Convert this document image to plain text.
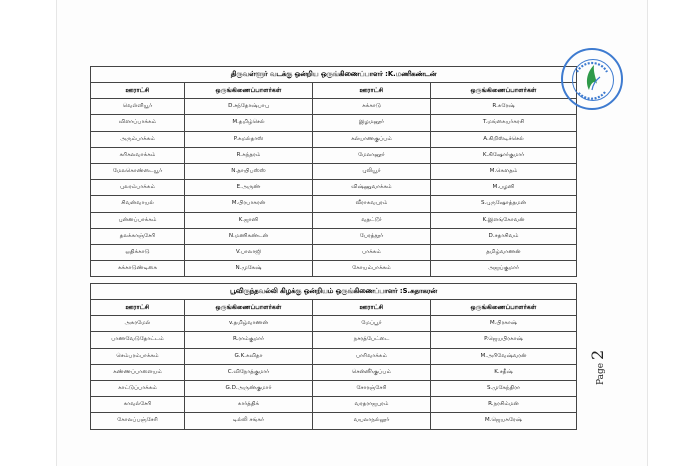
திருவள்ளூர் வடக்கு ஒன்றிய ஒருங்கிணைப்பாளர் :K.மணிகண்டன்			
ஊராட்சி	ஒருங்கிணைப்பாளர்கள்	ஊராட்சி	ஒருங்கிணைப்பாளர்கள்
வெள்ளியூர்	D.சந்தோஷ்பாபு	சுக்காடு	R.சுரேஷ்
விளாப்பாக்கம்	M.தமிழ்செல்	இழமனூர்	T.மங்கையர்கரசி
அரும்பாக்கம்	P.கமல்தாஸ்	கல்யாணகுப்பம்	A.கிறிஸ்டிச்செல்
கரிகலவாக்கம்	R.சுந்தரம்	மேலானூர்	K.கிஷோர்குமார்
மேலகொண்டையூர்	N.தாயிபஸ்ஸ்	புலியூர்	M.கௌதம்
புலரம்பாக்கம்	E.அருண்	விஷ்ணுவாக்கம்	M.பழனி
சிவன்வாயல்	M.பிரபாகரன்	வீராகவபுரம்	S.புருஷோத்தமன்
புன்னப்பாக்கம்	K.ஜானி	வதட்டூர்	K.இளங்கோவன்
தலக்காஞ்சேரி	N.மணிகண்டன்	பேரத்தூர்	D.சதாசிவம்
ஒதிக்காடு	V.பாலாஜி	பாக்கம்	தமிழ்வாணன்
கக்காடுண்டிகை	N.முகேஷ்	கோயம்பாக்கம்	அஜய்குமார்
பூவிருந்தவல்லி கிழக்கு ஒன்றியம் ஒருங்கிணைப்பாளர் :S.சுதாகரன்			
ஊராட்சி	ஒருங்கிணைப்பாளர்கள்	ஊராட்சி	ஒருங்கிணைப்பாளர்கள்
அகரமேல்	v.தமிழ்வாணன்	மேப்பூர்	M.பிரகாஷ்
பாணவேடுதோட்டம்	R.ராம்குமார்	நசரத்பேட்டை	P.ஜெயபிரகாஷ்
செம்பரம்பாக்கம்	G.K.கவிதா	பாரிவாக்கம்	M.அரிவேஷ்வரன்
கண்ணப்பாளையம்	C.விநோத்குமார்	சென்னீர்குப்பம்	K.சதீஷ்
காட்டுப்பாக்கம்	G.D.அருண்குமார்	சோரஞ்சேரி	S.முகேந்திரா
காவல்சேரி	கார்த்திக்	வரதராஜபுரம்	R.நரசிம்மன்
கோலப்பஞ்சேரி	டில்லி சங்கர்	வயலாநல்லூர்	M.ஜெயசுரேஷ்
Page 2
